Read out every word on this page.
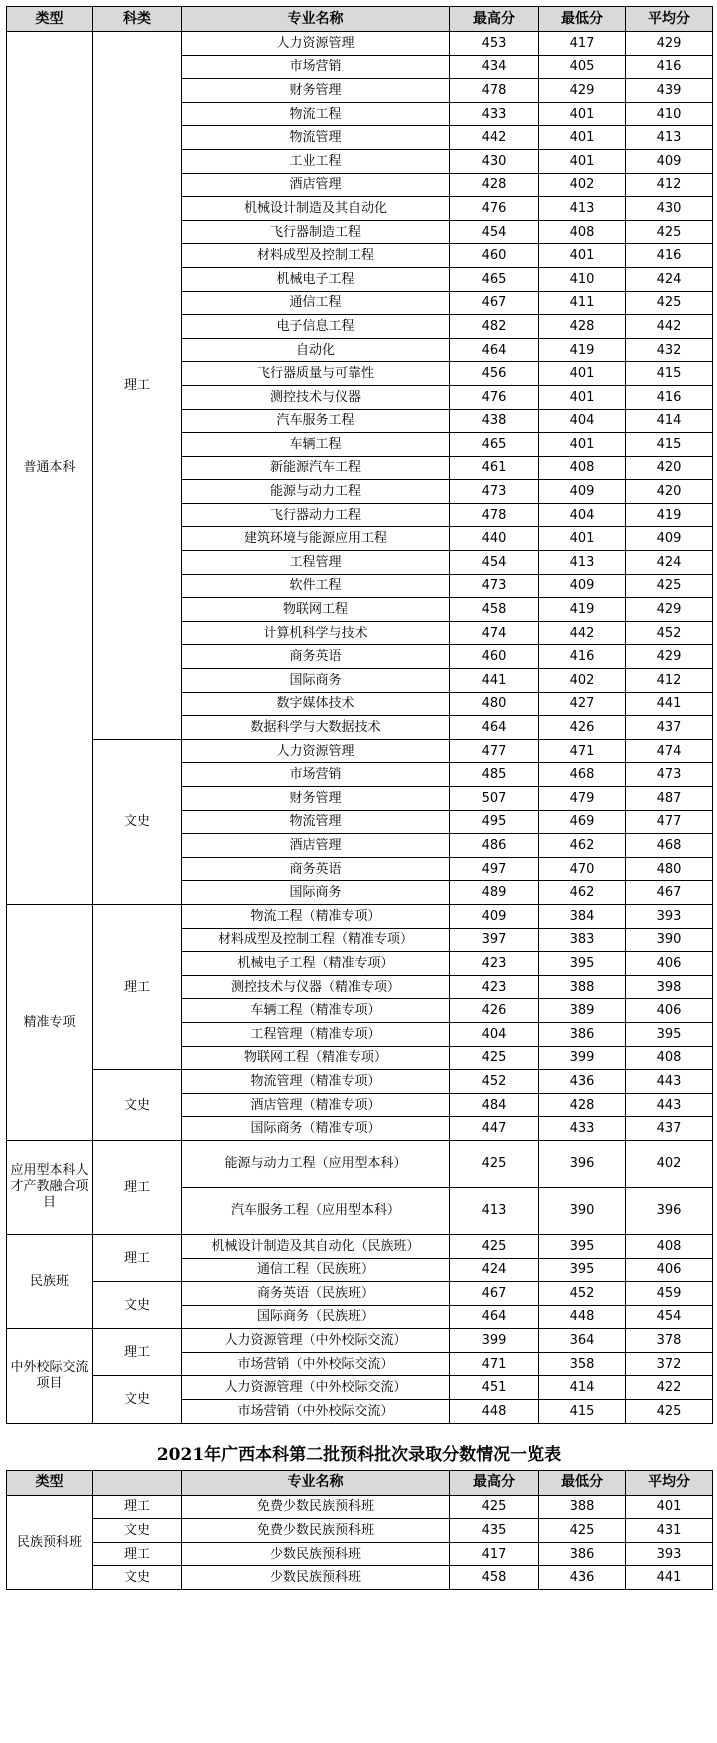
类型	科类	专业名称	最高分	最低分	平均分
普通本科	理工	人力资源管理	453	417	429
		市场营销	434	405	416
		财务管理	478	429	439
		物流工程	433	401	410
		物流管理	442	401	413
		工业工程	430	401	409
		酒店管理	428	402	412
		机械设计制造及其自动化	476	413	430
		飞行器制造工程	454	408	425
		材料成型及控制工程	460	401	416
		机械电子工程	465	410	424
		通信工程	467	411	425
		电子信息工程	482	428	442
		自动化	464	419	432
		飞行器质量与可靠性	456	401	415
		测控技术与仪器	476	401	416
		汽车服务工程	438	404	414
		车辆工程	465	401	415
		新能源汽车工程	461	408	420
		能源与动力工程	473	409	420
		飞行器动力工程	478	404	419
		建筑环境与能源应用工程	440	401	409
		工程管理	454	413	424
		软件工程	473	409	425
		物联网工程	458	419	429
		计算机科学与技术	474	442	452
		商务英语	460	416	429
		国际商务	441	402	412
		数字媒体技术	480	427	441
		数据科学与大数据技术	464	426	437
	文史	人力资源管理	477	471	474
		市场营销	485	468	473
		财务管理	507	479	487
		物流管理	495	469	477
		酒店管理	486	462	468
		商务英语	497	470	480
		国际商务	489	462	467
精准专项	理工	物流工程（精准专项）	409	384	393
		材料成型及控制工程（精准专项）	397	383	390
		机械电子工程（精准专项）	423	395	406
		测控技术与仪器（精准专项）	423	388	398
		车辆工程（精准专项）	426	389	406
		工程管理（精准专项）	404	386	395
		物联网工程（精准专项）	425	399	408
	文史	物流管理（精准专项）	452	436	443
		酒店管理（精准专项）	484	428	443
		国际商务（精准专项）	447	433	437
应用型本科人才产教融合项目	理工	能源与动力工程（应用型本科）	425	396	402
		汽车服务工程（应用型本科）	413	390	396
民族班	理工	机械设计制造及其自动化（民族班）	425	395	408
		通信工程（民族班）	424	395	406
	文史	商务英语（民族班）	467	452	459
		国际商务（民族班）	464	448	454
中外校际交流项目	理工	人力资源管理（中外校际交流）	399	364	378
		市场营销（中外校际交流）	471	358	372
	文史	人力资源管理（中外校际交流）	451	414	422
		市场营销（中外校际交流）	448	415	425
2021年广西本科第二批预科批次录取分数情况一览表
类型		专业名称	最高分	最低分	平均分
民族预科班	理工	免费少数民族预科班	425	388	401
	文史	免费少数民族预科班	435	425	431
	理工	少数民族预科班	417	386	393
	文史	少数民族预科班	458	436	441
